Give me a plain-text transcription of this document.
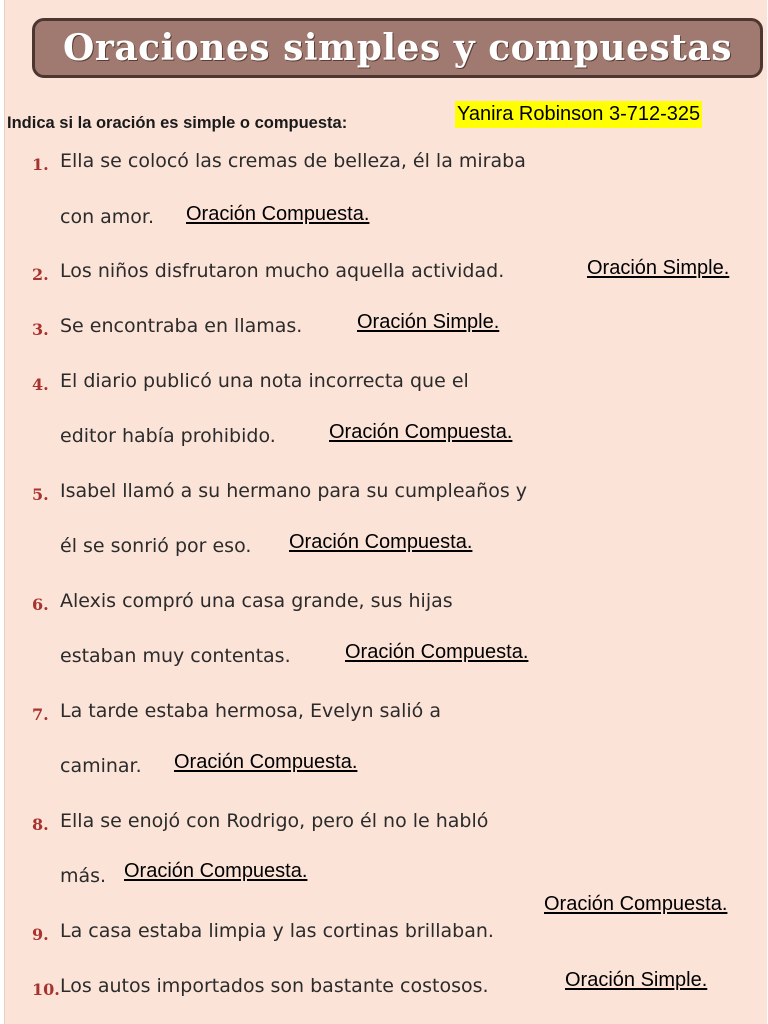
Oraciones simples y compuestas
Indica si la oración es simple o compuesta:	Yanira Robinson 3-712-325
1. Ella se colocó las cremas de belleza, él la miraba
con amor. Oración Compuesta.
2. Los niños disfrutaron mucho aquella actividad.	Oración Simple.
3. Se encontraba en llamas.	Oración Simple.
4. El diario publicó una nota incorrecta que el
editor había prohibido.	Oración Compuesta.
5. Isabel llamó a su hermano para su cumpleaños y
él se sonrió por eso. Oración Compuesta.
6. Alexis compró una casa grande, sus hijas
estaban muy contentas.	Oración Compuesta.
7. La tarde estaba hermosa, Evelyn salió a
caminar. Oración Compuesta.
8. Ella se enojó con Rodrigo, pero él no le habló
más. Oración Compuesta.
9. La casa estaba limpia y las cortinas brillaban.
Oración Compuesta.
10. Los autos importados son bastante costosos.	Oración Simple.
